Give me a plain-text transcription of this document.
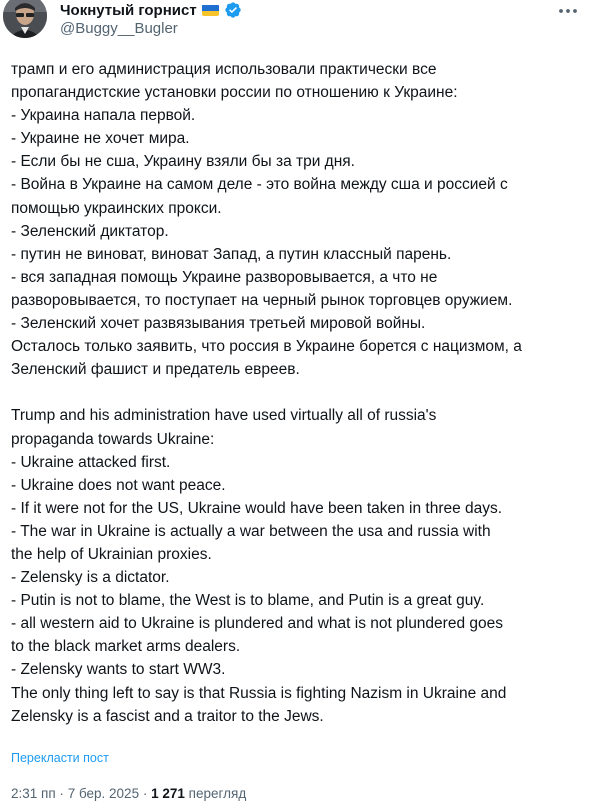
Чокнутый горнист
@Buggy__Bugler

трамп и его администрация использовали практически все
пропагандистские установки россии по отношению к Украине:
- Украина напала первой.
- Украине не хочет мира.
- Если бы не сша, Украину взяли бы за три дня.
- Война в Украине на самом деле - это война между сша и россией с
помощью украинских прокси.
- Зеленский диктатор.
- путин не виноват, виноват Запад, а путин классный парень.
- вся западная помощь Украине разворовывается, а что не
разворовывается, то поступает на черный рынок торговцев оружием.
- Зеленский хочет развязывания третьей мировой войны.
Осталось только заявить, что россия в Украине борется с нацизмом, а
Зеленский фашист и предатель евреев.

Trump and his administration have used virtually all of russia's
propaganda towards Ukraine:
- Ukraine attacked first.
- Ukraine does not want peace.
- If it were not for the US, Ukraine would have been taken in three days.
- The war in Ukraine is actually a war between the usa and russia with
the help of Ukrainian proxies.
- Zelensky is a dictator.
- Putin is not to blame, the West is to blame, and Putin is a great guy.
- all western aid to Ukraine is plundered and what is not plundered goes
to the black market arms dealers.
- Zelensky wants to start WW3.
The only thing left to say is that Russia is fighting Nazism in Ukraine and
Zelensky is a fascist and a traitor to the Jews.

Перекласти пост
2:31 пп · 7 бер. 2025 · 1 271 перегляд
